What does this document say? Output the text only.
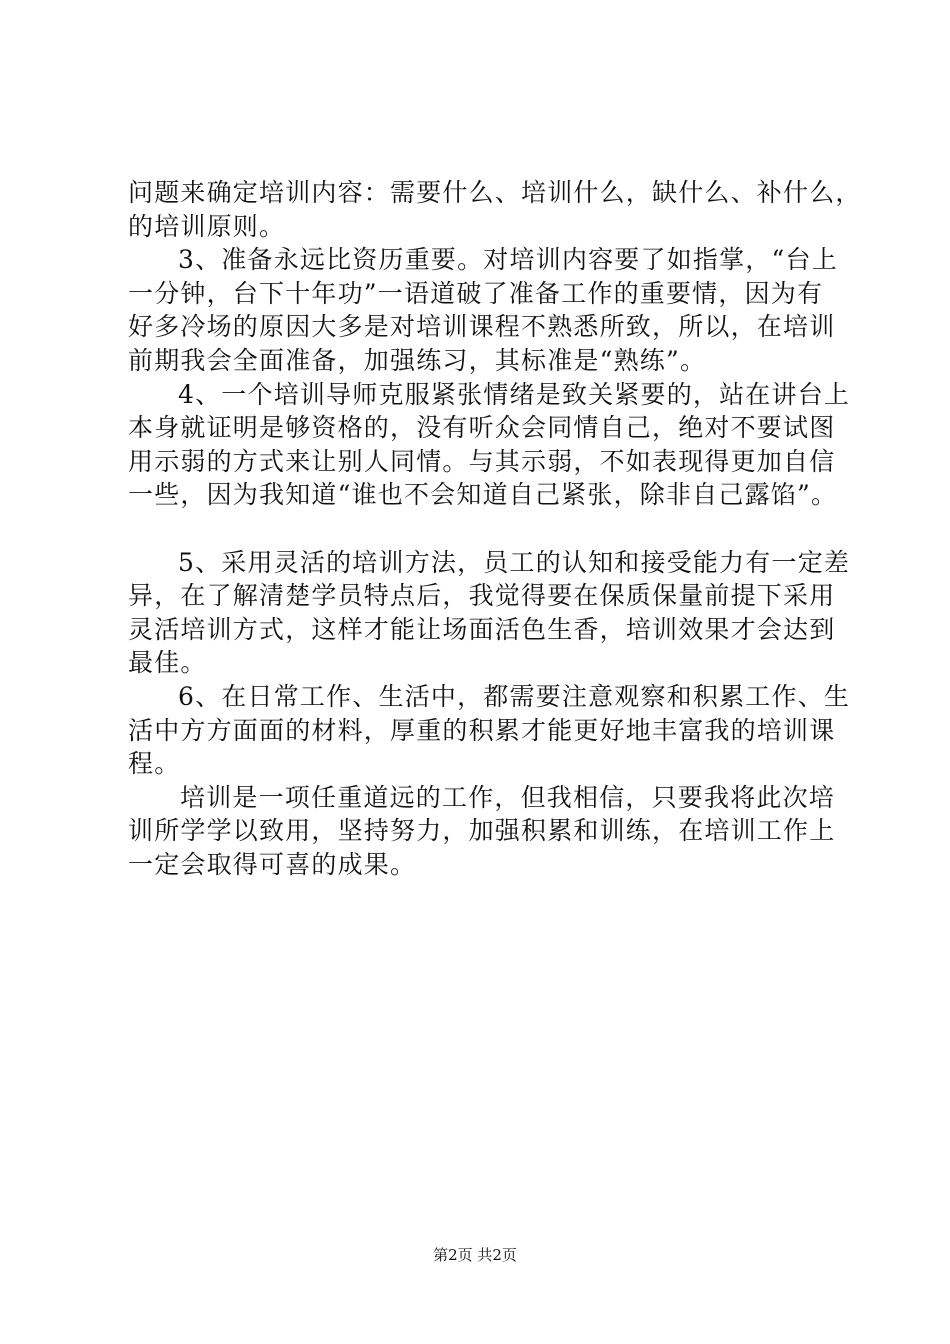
问题来确定培训内容：需要什么、培训什么，缺什么、补什么，
的培训原则。
3、准备永远比资历重要。对培训内容要了如指掌，“台上
一分钟，台下十年功”一语道破了准备工作的重要情，因为有
好多冷场的原因大多是对培训课程不熟悉所致，所以，在培训
前期我会全面准备，加强练习，其标准是“熟练”。
4、一个培训导师克服紧张情绪是致关紧要的，站在讲台上
本身就证明是够资格的，没有听众会同情自己，绝对不要试图
用示弱的方式来让别人同情。与其示弱，不如表现得更加自信
一些，因为我知道“谁也不会知道自己紧张，除非自己露馅”。
5、采用灵活的培训方法，员工的认知和接受能力有一定差
异，在了解清楚学员特点后，我觉得要在保质保量前提下采用
灵活培训方式，这样才能让场面活色生香，培训效果才会达到
最佳。
6、在日常工作、生活中，都需要注意观察和积累工作、生
活中方方面面的材料，厚重的积累才能更好地丰富我的培训课
程。
培训是一项任重道远的工作，但我相信，只要我将此次培
训所学学以致用，坚持努力，加强积累和训练，在培训工作上
一定会取得可喜的成果。
第2页 共2页
